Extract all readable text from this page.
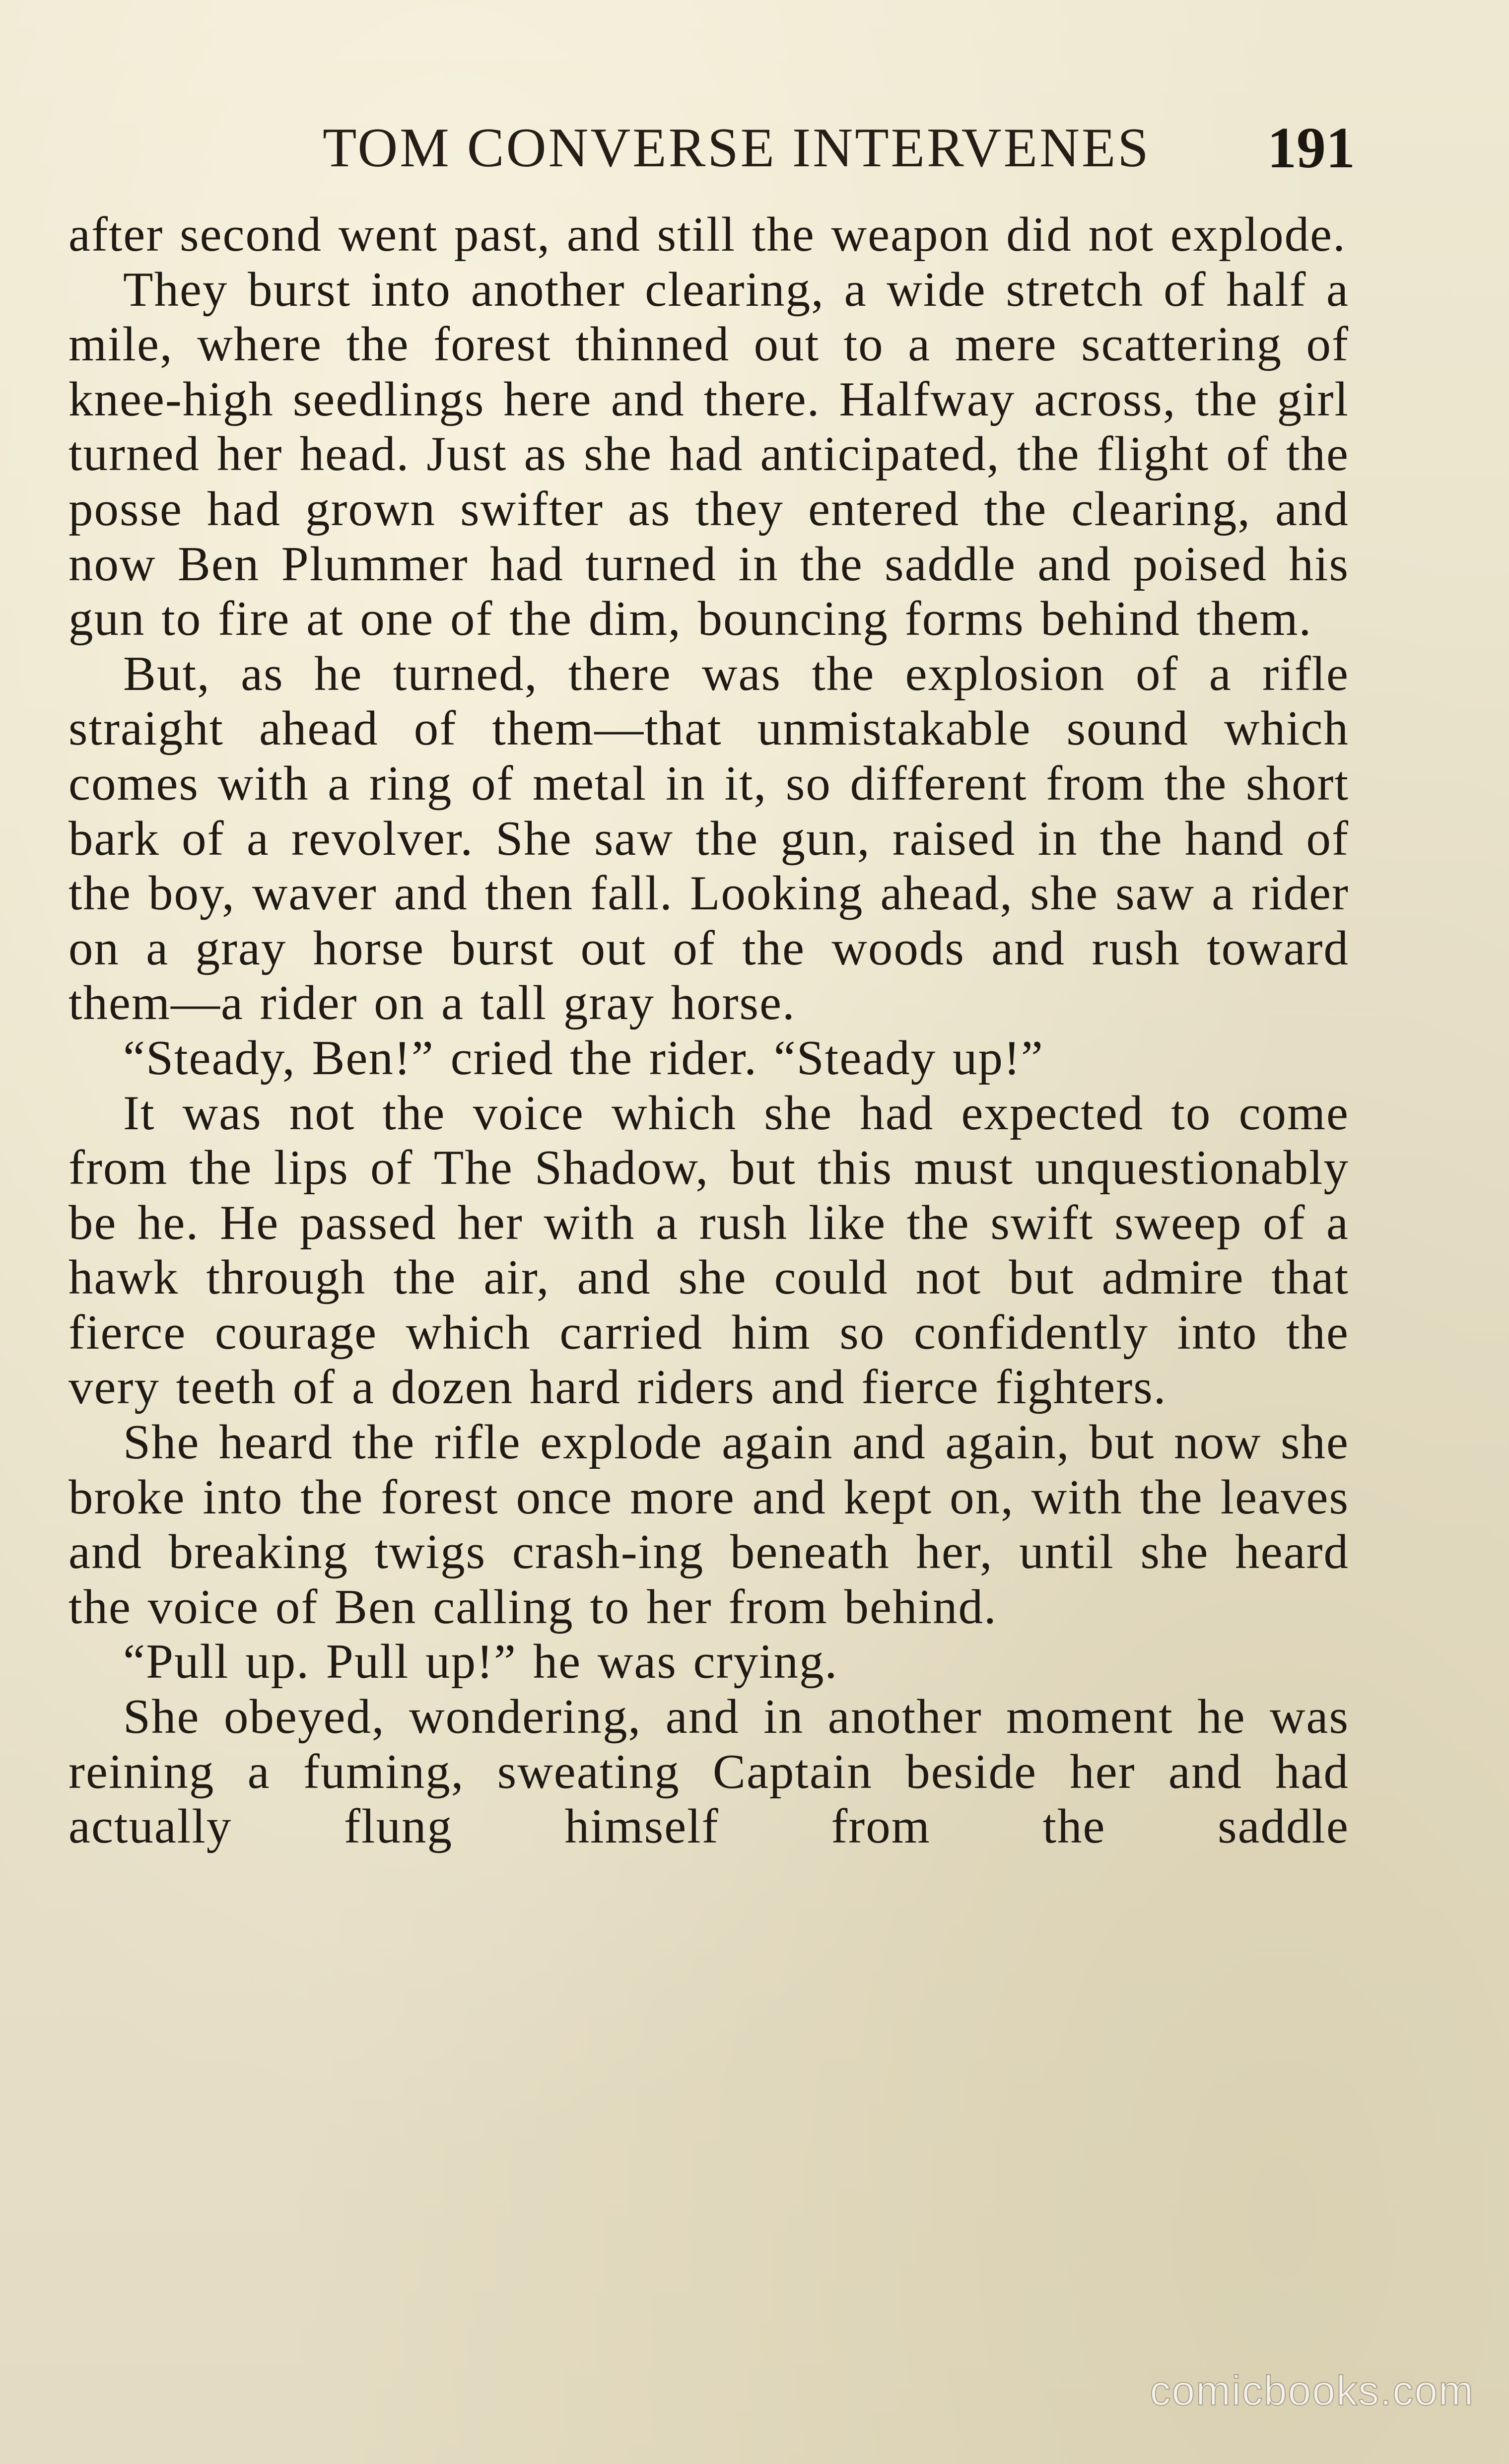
TOM CONVERSE INTERVENES 191

after second went past, and still the weapon did not explode.

They burst into another clearing, a wide stretch of half a mile, where the forest thinned out to a mere scattering of knee-high seedlings here and there. Halfway across, the girl turned her head. Just as she had anticipated, the flight of the posse had grown swifter as they entered the clearing, and now Ben Plummer had turned in the saddle and poised his gun to fire at one of the dim, bouncing forms behind them.

But, as he turned, there was the explosion of a rifle straight ahead of them—that unmistakable sound which comes with a ring of metal in it, so different from the short bark of a revolver. She saw the gun, raised in the hand of the boy, waver and then fall. Looking ahead, she saw a rider on a gray horse burst out of the woods and rush toward them—a rider on a tall gray horse.

“Steady, Ben!” cried the rider. “Steady up!”

It was not the voice which she had expected to come from the lips of The Shadow, but this must unquestionably be he. He passed her with a rush like the swift sweep of a hawk through the air, and she could not but admire that fierce courage which carried him so confidently into the very teeth of a dozen hard riders and fierce fighters.

She heard the rifle explode again and again, but now she broke into the forest once more and kept on, with the leaves and breaking twigs crash-ing beneath her, until she heard the voice of Ben calling to her from behind.

“Pull up. Pull up!” he was crying.

She obeyed, wondering, and in another moment he was reining a fuming, sweating Captain beside her and had actually flung himself from the saddle

comicbooks.com
